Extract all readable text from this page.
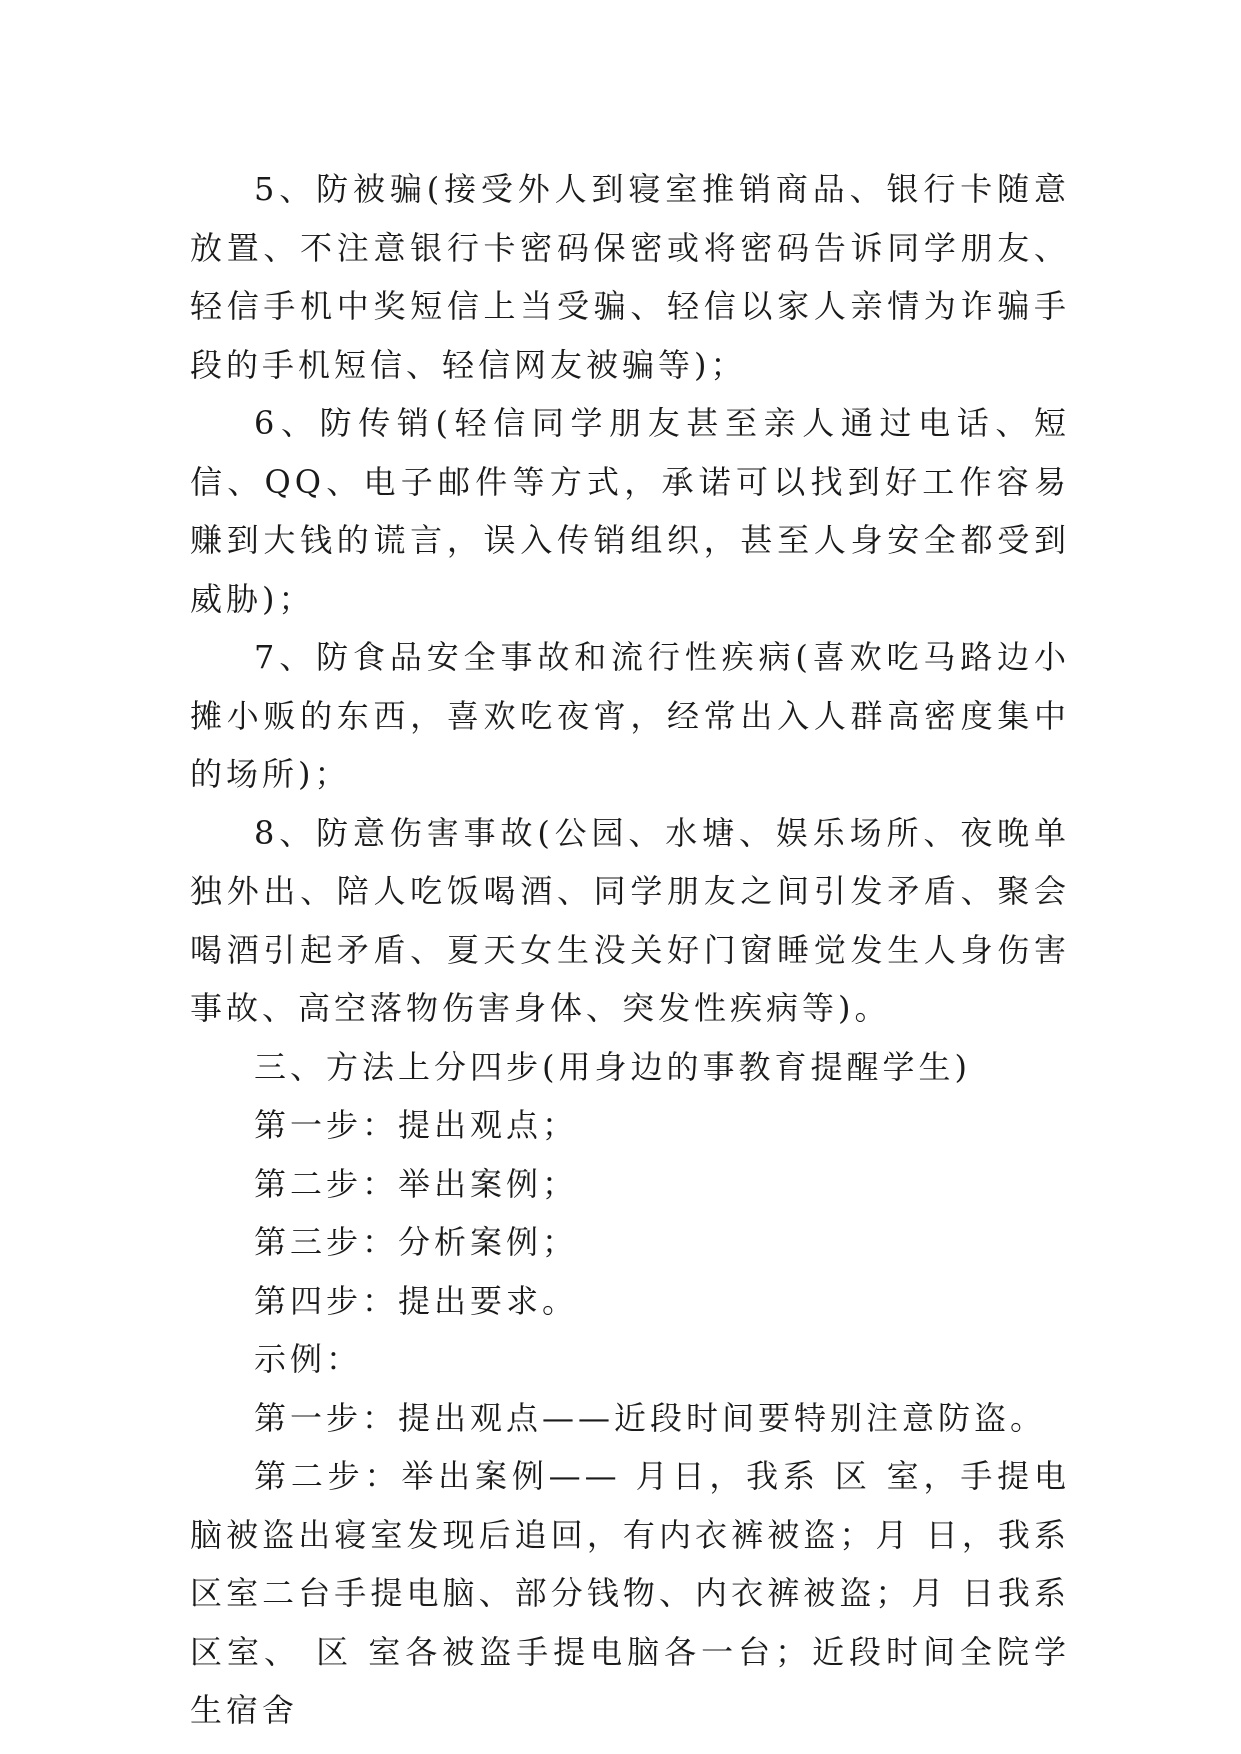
5、防被骗(接受外人到寝室推销商品、银行卡随意放置、不注意银行卡密码保密或将密码告诉同学朋友、轻信手机中奖短信上当受骗、轻信以家人亲情为诈骗手段的手机短信、轻信网友被骗等)；

6、防传销(轻信同学朋友甚至亲人通过电话、短信、QQ、电子邮件等方式，承诺可以找到好工作容易赚到大钱的谎言，误入传销组织，甚至人身安全都受到威胁)；

7、防食品安全事故和流行性疾病(喜欢吃马路边小摊小贩的东西，喜欢吃夜宵，经常出入人群高密度集中的场所)；

8、防意伤害事故(公园、水塘、娱乐场所、夜晚单独外出、陪人吃饭喝酒、同学朋友之间引发矛盾、聚会喝酒引起矛盾、夏天女生没关好门窗睡觉发生人身伤害事故、高空落物伤害身体、突发性疾病等)。

三、方法上分四步(用身边的事教育提醒学生)

第一步：提出观点；

第二步：举出案例；

第三步：分析案例；

第四步：提出要求。

示例：

第一步：提出观点——近段时间要特别注意防盗。

第二步：举出案例—— 月日，我系 区 室，手提电脑被盗出寝室发现后追回，有内衣裤被盗；月 日，我系 区室二台手提电脑、部分钱物、内衣裤被盗；月 日我系 区室、 区 室各被盗手提电脑各一台；近段时间全院学生宿舍
